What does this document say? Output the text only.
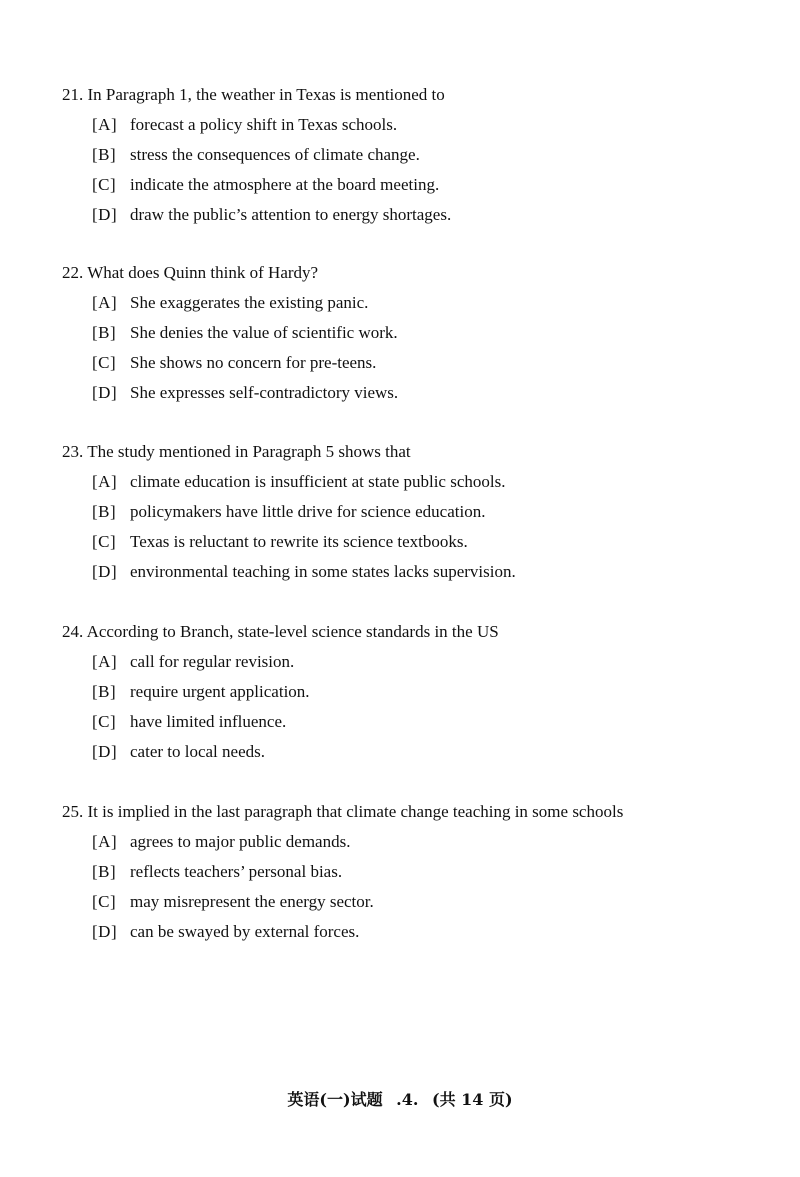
21. In Paragraph 1, the weather in Texas is mentioned to
[A] forecast a policy shift in Texas schools.
[B] stress the consequences of climate change.
[C] indicate the atmosphere at the board meeting.
[D] draw the public’s attention to energy shortages.
22. What does Quinn think of Hardy?
[A] She exaggerates the existing panic.
[B] She denies the value of scientific work.
[C] She shows no concern for pre-teens.
[D] She expresses self-contradictory views.
23. The study mentioned in Paragraph 5 shows that
[A] climate education is insufficient at state public schools.
[B] policymakers have little drive for science education.
[C] Texas is reluctant to rewrite its science textbooks.
[D] environmental teaching in some states lacks supervision.
24. According to Branch, state-level science standards in the US
[A] call for regular revision.
[B] require urgent application.
[C] have limited influence.
[D] cater to local needs.
25. It is implied in the last paragraph that climate change teaching in some schools
[A] agrees to major public demands.
[B] reflects teachers’ personal bias.
[C] may misrepresent the energy sector.
[D] can be swayed by external forces.
英语(一)试题 .4. (共 14 页)
